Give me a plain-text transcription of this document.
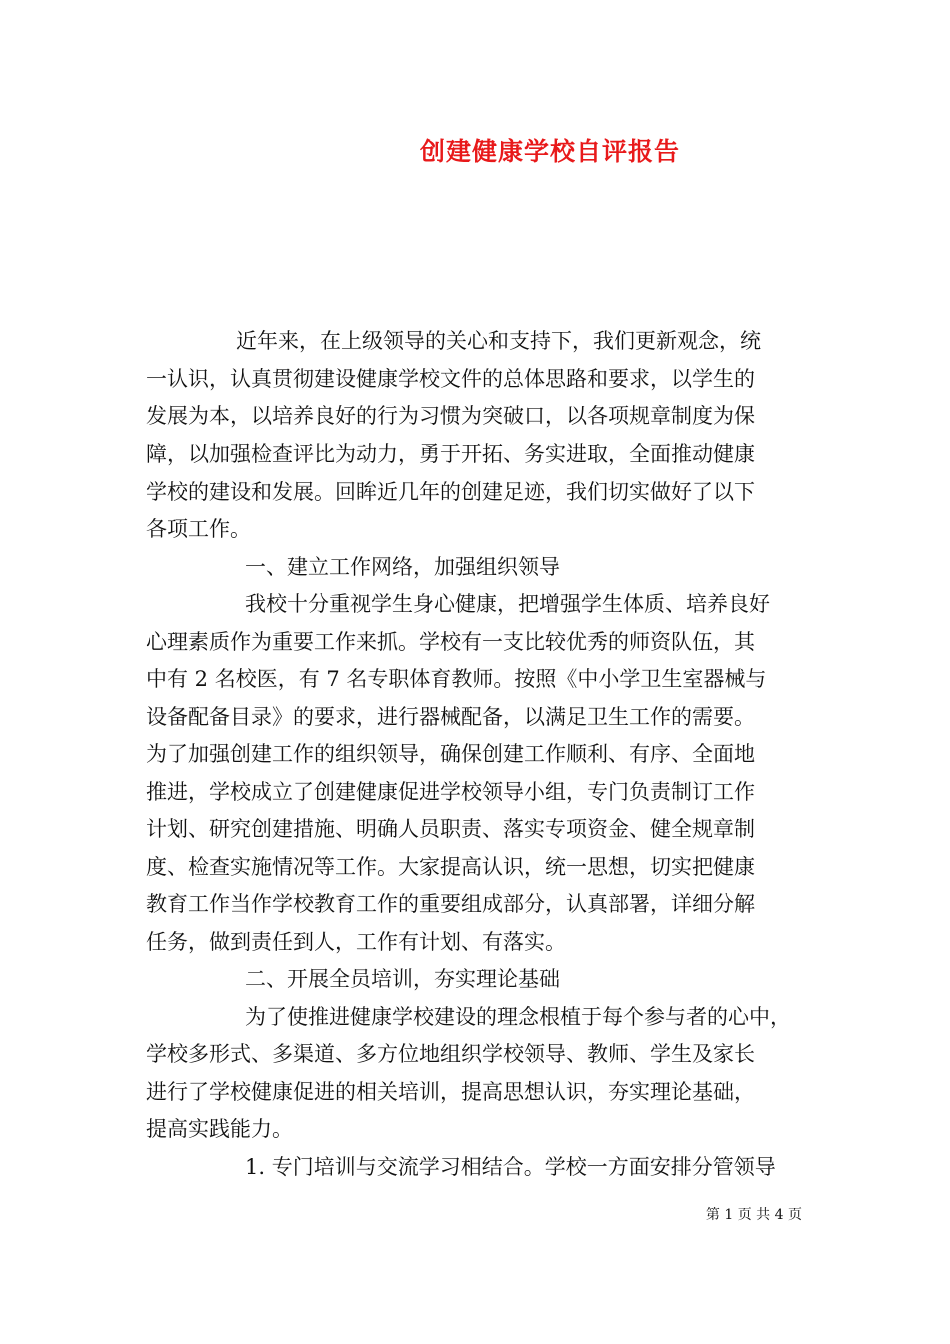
创建健康学校自评报告
近年来，在上级领导的关心和支持下，我们更新观念，统
一认识，认真贯彻建设健康学校文件的总体思路和要求，以学生的
发展为本，以培养良好的行为习惯为突破口，以各项规章制度为保
障，以加强检查评比为动力，勇于开拓、务实进取，全面推动健康
学校的建设和发展。回眸近几年的创建足迹，我们切实做好了以下
各项工作。
一、建立工作网络，加强组织领导
我校十分重视学生身心健康，把增强学生体质、培养良好
心理素质作为重要工作来抓。学校有一支比较优秀的师资队伍，其
中有 2 名校医，有 7 名专职体育教师。按照《中小学卫生室器械与
设备配备目录》的要求，进行器械配备，以满足卫生工作的需要。
为了加强创建工作的组织领导，确保创建工作顺利、有序、全面地
推进，学校成立了创建健康促进学校领导小组，专门负责制订工作
计划、研究创建措施、明确人员职责、落实专项资金、健全规章制
度、检查实施情况等工作。大家提高认识，统一思想，切实把健康
教育工作当作学校教育工作的重要组成部分，认真部署，详细分解
任务，做到责任到人，工作有计划、有落实。
二、开展全员培训，夯实理论基础
为了使推进健康学校建设的理念根植于每个参与者的心中，
学校多形式、多渠道、多方位地组织学校领导、教师、学生及家长
进行了学校健康促进的相关培训，提高思想认识，夯实理论基础，
提高实践能力。
1. 专门培训与交流学习相结合。学校一方面安排分管领导
第 1 页 共 4 页
